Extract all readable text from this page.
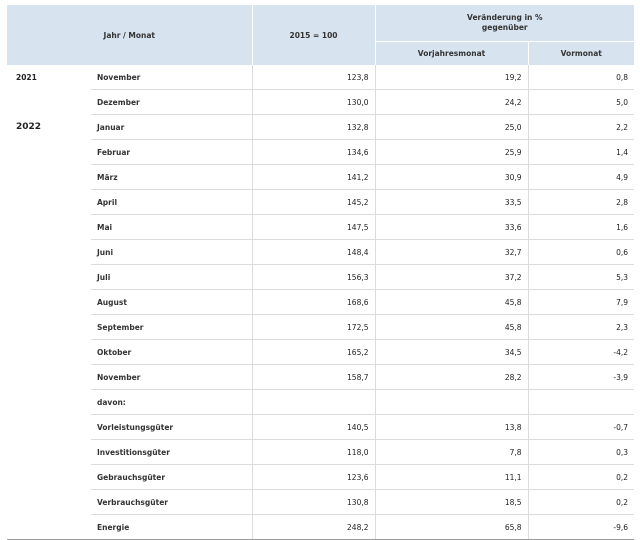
Jahr / Monat		2015 = 100	Veränderung in %
gegenüber	
			Vorjahresmonat	Vormonat
2021	November	123,8	19,2	0,8
	Dezember	130,0	24,2	5,0
2022	Januar	132,8	25,0	2,2
	Februar	134,6	25,9	1,4
	März	141,2	30,9	4,9
	April	145,2	33,5	2,8
	Mai	147,5	33,6	1,6
	Juni	148,4	32,7	0,6
	Juli	156,3	37,2	5,3
	August	168,6	45,8	7,9
	September	172,5	45,8	2,3
	Oktober	165,2	34,5	-4,2
	November	158,7	28,2	-3,9
	davon:			
	Vorleistungsgüter	140,5	13,8	-0,7
	Investitionsgüter	118,0	7,8	0,3
	Gebrauchsgüter	123,6	11,1	0,2
	Verbrauchsgüter	130,8	18,5	0,2
	Energie	248,2	65,8	-9,6
